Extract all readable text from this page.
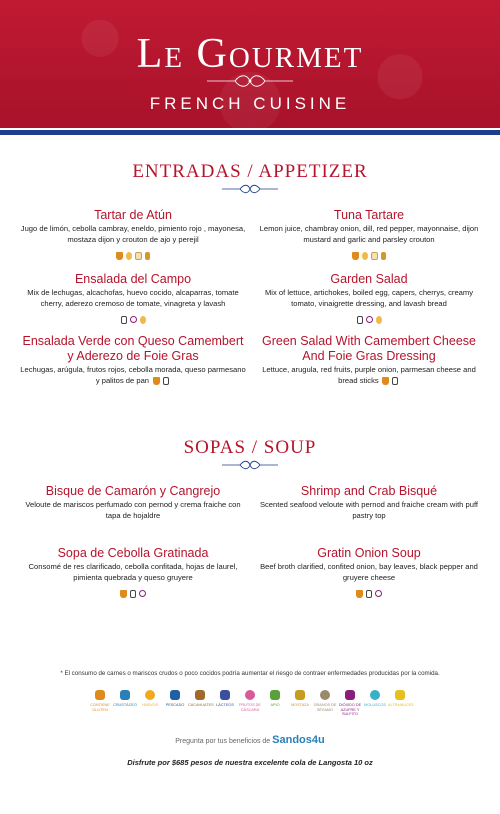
Le Gourmet
FRENCH CUISINE
ENTRADAS / APPETIZER
Tartar de Atún
Jugo de limón, cebolla cambray, eneldo, pimiento rojo , mayonesa, mostaza dijon y crouton de ajo y perejil
Tuna Tartare
Lemon juice, chambray onion, dill, red pepper, mayonnaise, dijon mustard and garlic and parsley crouton
Ensalada del Campo
Mix de lechugas, alcachofas, huevo cocido, alcaparras, tomate cherry, aderezo cremoso de tomate, vinagreta y lavash
Garden Salad
Mix of lettuce, artichokes, boiled egg, capers, cherrys, creamy tomato, vinaigrette dressing, and lavash bread
Ensalada Verde con Queso Camembert y Aderezo de Foie Gras
Lechugas, arúgula, frutos rojos, cebolla morada, queso parmesano y palitos de pan
Green Salad With Camembert Cheese And Foie Gras Dressing
Lettuce, arugula, red fruits, purple onion, parmesan cheese and bread sticks
SOPAS / SOUP
Bisque de Camarón y Cangrejo
Veloute de mariscos perfumado con pernod y crema fraiche con tapa de hojaldre
Shrimp and Crab Bisqué
Scented seafood veloute with pernod and fraiche cream with puff pastry top
Sopa de Cebolla Gratinada
Consomé de res clarificado, cebolla confitada, hojas de laurel, pimienta quebrada y queso gruyere
Gratin Onion Soup
Beef broth clarified, confited onion, bay leaves, black pepper and gruyere cheese
* El consumo de carnes o mariscos crudos o poco cocidos podría aumentar el riesgo de contraer enfermedades producidas por la comida.
CONTIENE GLUTEN
CRUSTÁCEO	HUEVOS	PESCADO CACAHUATES LÁCTEOS	FRUTOS DE CÁSCARA
APIO	MOSTAZA	GRANOS DE SÉSAMO
DIÓXIDO DE AZUFRE Y SULFITO
MOLUSCOS ALTRAMUCES
Pregunta por tus beneficios de Sandos4u
Disfrute por $685 pesos de nuestra excelente cola de Langosta 10 oz
